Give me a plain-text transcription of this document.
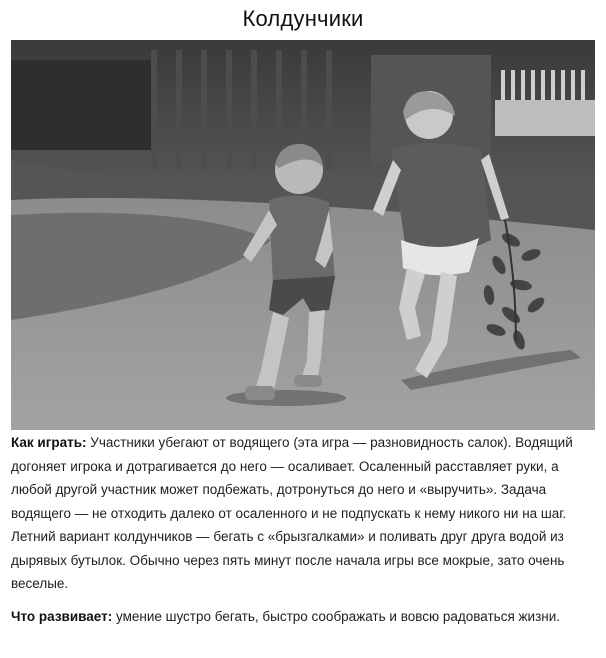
Колдунчики

Как играть: Участники убегают от водящего (эта игра — разновидность салок). Водящий догоняет игрока и дотрагивается до него — осаливает. Осаленный расставляет руки, а любой другой участник может подбежать, дотронуться до него и «выручить». Задача водящего — не отходить далеко от осаленного и не подпускать к нему никого ни на шаг. Летний вариант колдунчиков — бегать с «брызгалками» и поливать друг друга водой из дырявых бутылок. Обычно через пять минут после начала игры все мокрые, зато очень веселые.

Что развивает: умение шустро бегать, быстро соображать и вовсю радоваться жизни.
